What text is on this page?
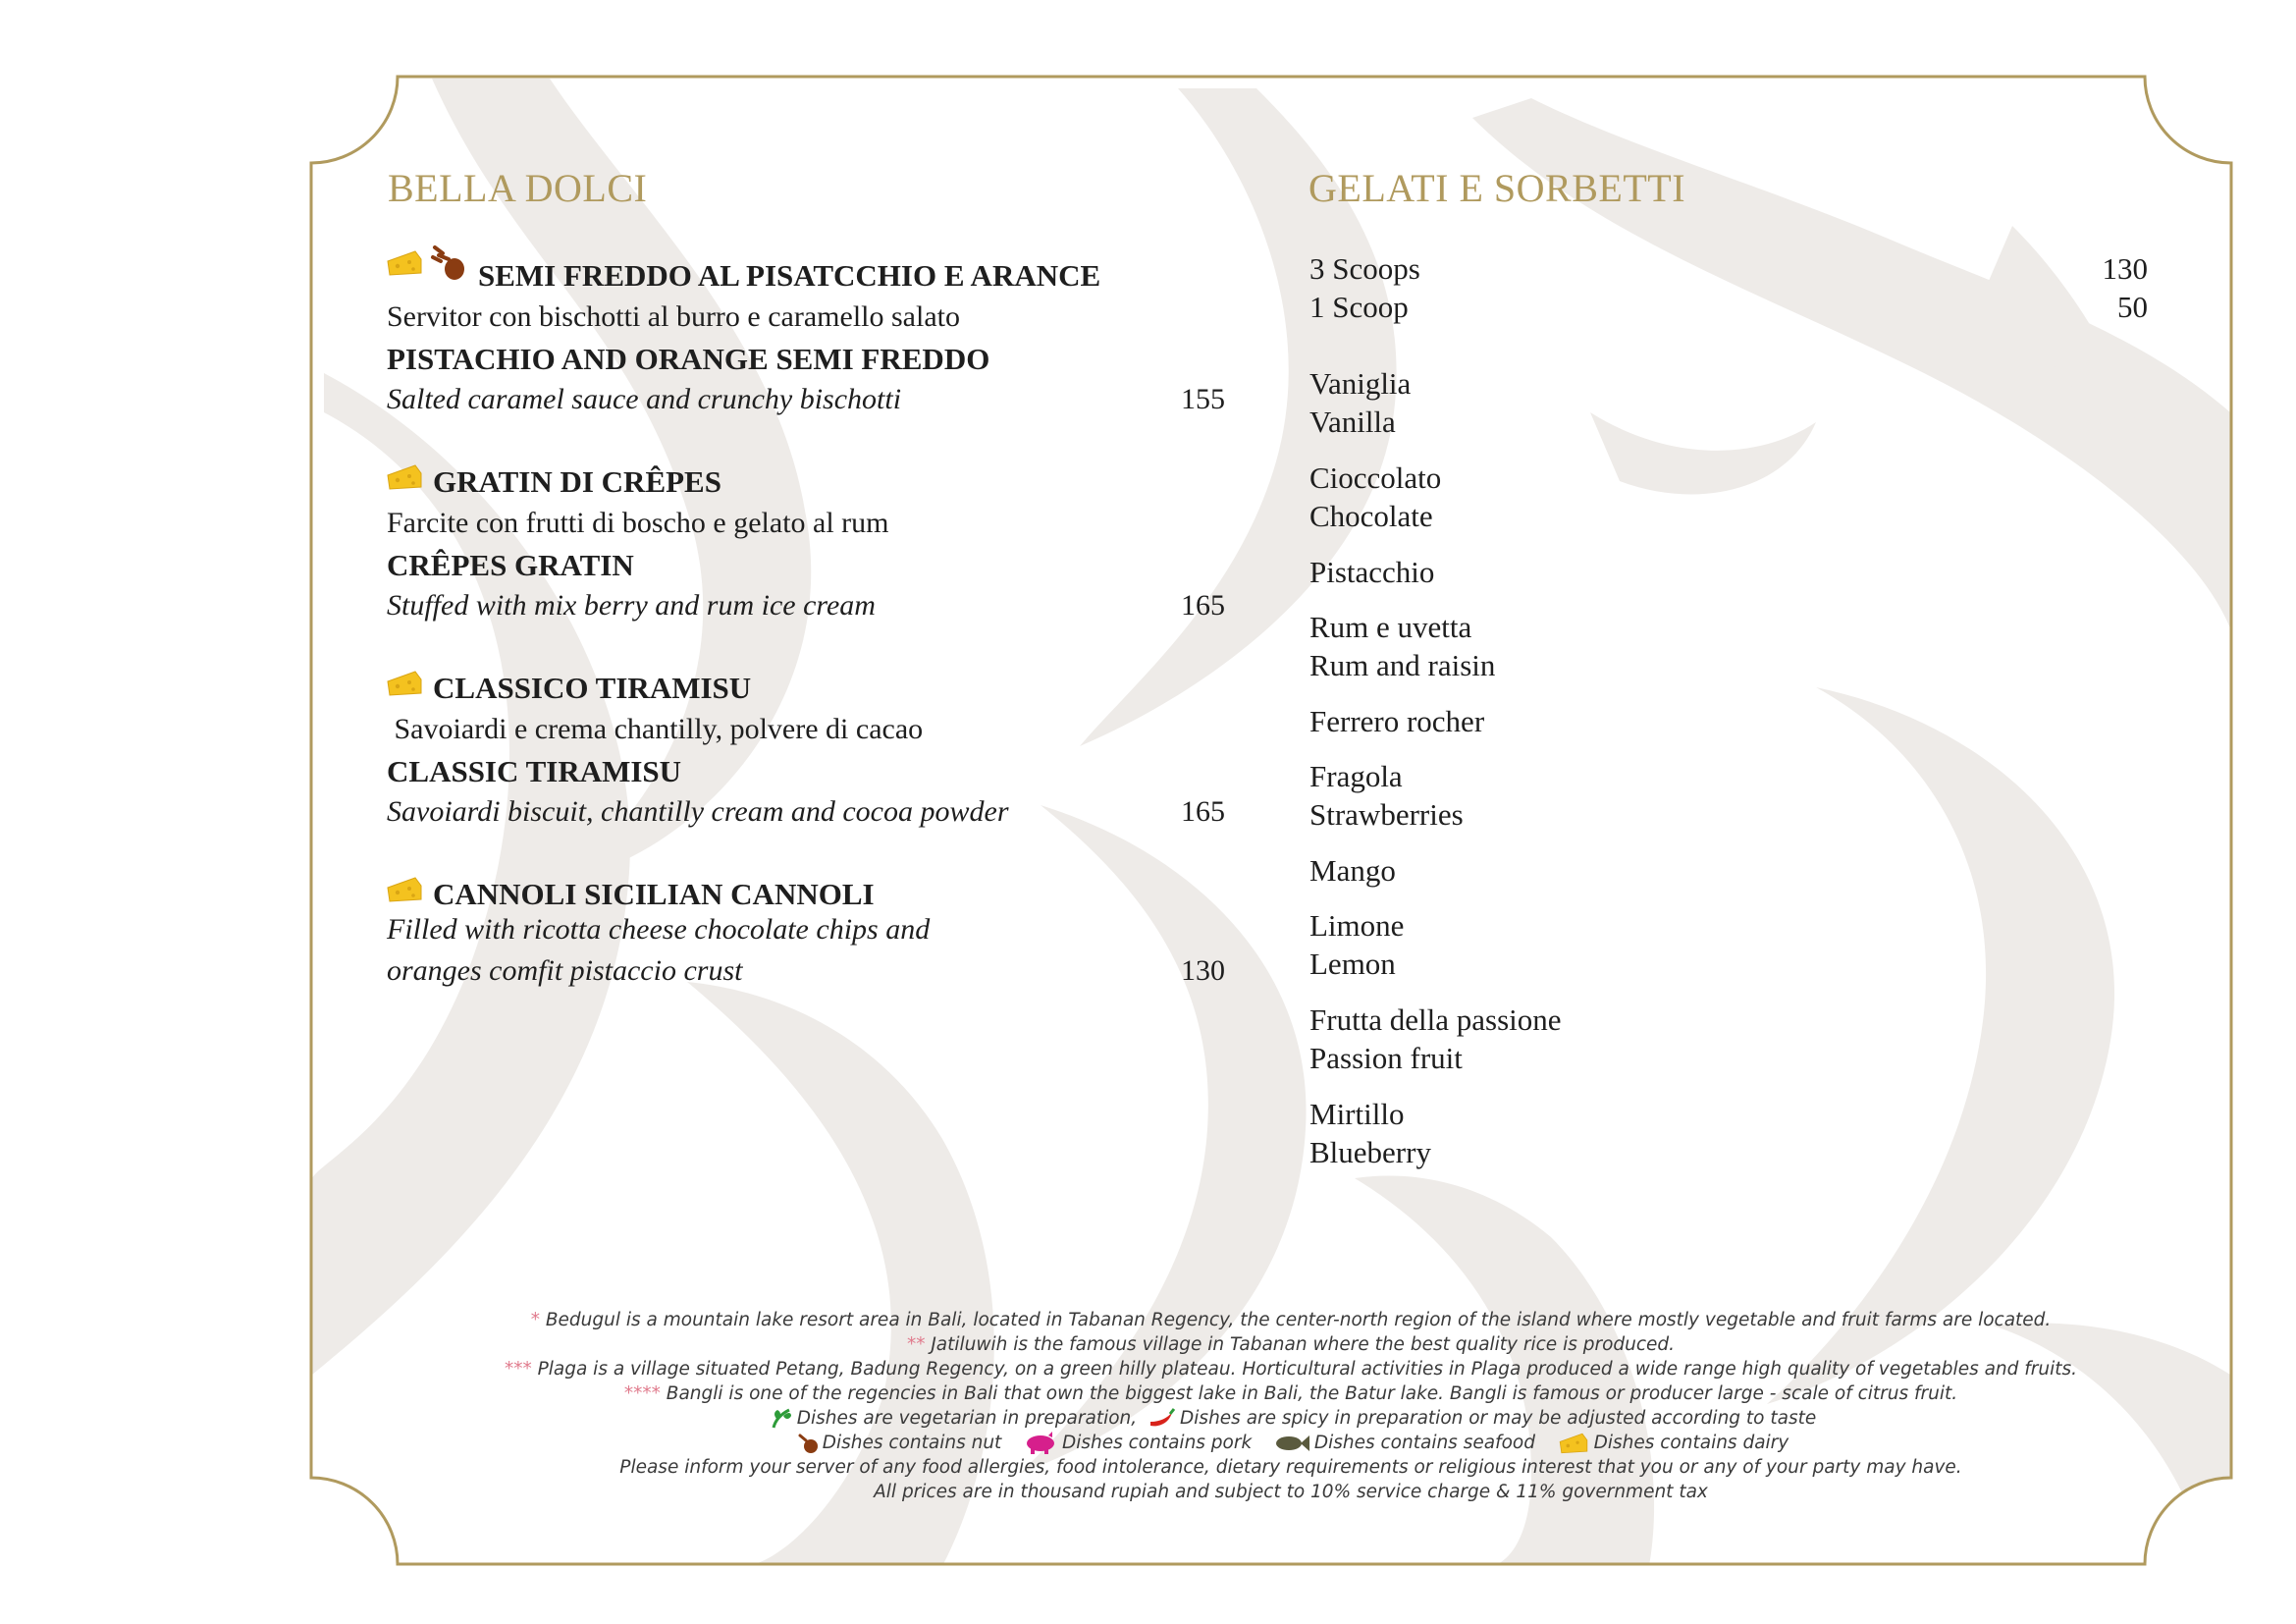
BELLA DOLCI

SEMI FREDDO AL PISATCCHIO E ARANCE
Servitor con bischotti al burro e caramello salato
PISTACHIO AND ORANGE SEMI FREDDO
Salted caramel sauce and crunchy bischotti	155
GRATIN DI CRÊPES
Farcite con frutti di boscho e gelato al rum
CRÊPES GRATIN
Stuffed with mix berry and rum ice cream	165
CLASSICO TIRAMISU
Savoiardi e crema chantilly, polvere di cacao
CLASSIC TIRAMISU
Savoiardi biscuit, chantilly cream and cocoa powder	165
CANNOLI SICILIAN CANNOLI
Filled with ricotta cheese chocolate chips and
oranges comfit pistaccio crust	130
GELATI E SORBETTI
3 Scoops	130
1 Scoop	50
Vaniglia
Vanilla
Cioccolato
Chocolate
Pistacchio
Rum e uvetta
Rum and raisin
Ferrero rocher
Fragola
Strawberries
Mango
Limone
Lemon
Frutta della passione
Passion fruit
Mirtillo
Blueberry
* Bedugul is a mountain lake resort area in Bali, located in Tabanan Regency, the center-north region of the island where mostly vegetable and fruit farms are located.
** Jatiluwih is the famous village in Tabanan where the best quality rice is produced.
*** Plaga is a village situated Petang, Badung Regency, on a green hilly plateau. Horticultural activities in Plaga produced a wide range high quality of vegetables and fruits.
**** Bangli is one of the regencies in Bali that own the biggest lake in Bali, the Batur lake. Bangli is famous or producer large - scale of citrus fruit.
Dishes are vegetarian in preparation, Dishes are spicy in preparation or may be adjusted according to taste
Dishes contains nut	Dishes contains pork	Dishes contains seafood	Dishes contains dairy
Please inform your server of any food allergies, food intolerance, dietary requirements or religious interest that you or any of your party may have.
All prices are in thousand rupiah and subject to 10% service charge & 11% government tax
